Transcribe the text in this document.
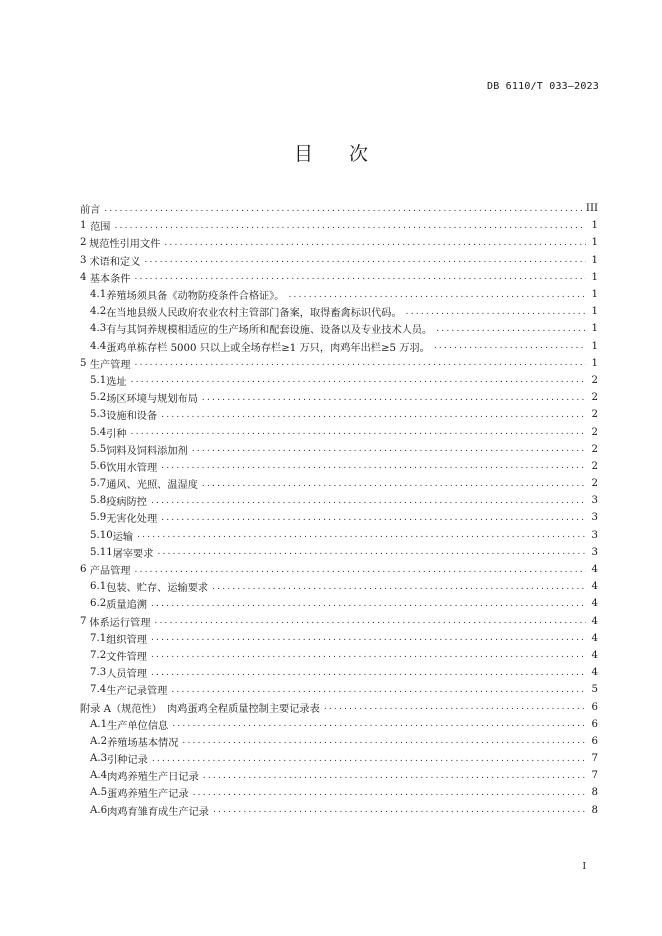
DB 6110/T 033—2023
目 次
前言 .....	III
1 范围 .....	1
2 规范性引用文件 .....	1
3 术语和定义 .....	1
4 基本条件 .....	1
4.1 养殖场须具备《动物防疫条件合格证》。 .....	1
4.2 在当地县级人民政府农业农村主管部门备案，取得畜禽标识代码。 .....	1
4.3 有与其饲养规模相适应的生产场所和配套设施、设备以及专业技术人员。 .....	1
4.4 蛋鸡单栋存栏 5000 只以上或全场存栏≥1 万只，肉鸡年出栏≥5 万羽。 .....	1
5 生产管理 .....	1
5.1 选址 .....	2
5.2 场区环境与规划布局 .....	2
5.3 设施和设备 .....	2
5.4 引种 .....	2
5.5 饲料及饲料添加剂 .....	2
5.6 饮用水管理 .....	2
5.7 通风、光照、温湿度 .....	2
5.8 疫病防控 .....	3
5.9 无害化处理 .....	3
5.10 运输 .....	3
5.11 屠宰要求 .....	3
6 产品管理 .....	4
6.1 包装、贮存、运输要求 .....	4
6.2 质量追溯 .....	4
7 体系运行管理 .....	4
7.1 组织管理 .....	4
7.2 文件管理 .....	4
7.3 人员管理 .....	4
7.4 生产记录管理 .....	5
附录 A（规范性）　肉鸡蛋鸡全程质量控制主要记录表 .....	6
A.1 生产单位信息 .....	6
A.2 养殖场基本情况 .....	6
A.3 引种记录 .....	7
A.4 肉鸡养殖生产日记录 .....	7
A.5 蛋鸡养殖生产记录 .....	8
A.6 肉鸡育雏育成生产记录 .....	8
I
